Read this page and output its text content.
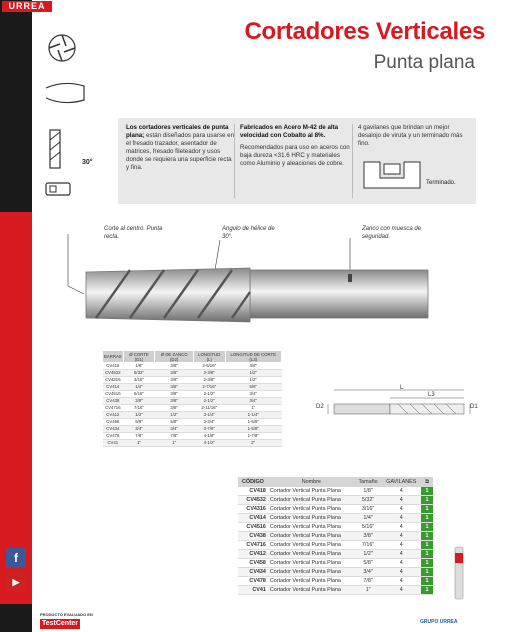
URREA
f
▶
PRODUCTO EVALUADO EN
TestCenter
Cortadores Verticales
Punta plana
30°
Los cortadores verticales de punta plana; están diseñados para usarse en el fresado trazador, asentador de matrices, fresado fileteador y usos donde se requiera una superficie recta y fina.
Fabricados en Acero M-42 de alta velocidad con Cobalto al 8%.
Recomendados para uso en aceros con baja dureza <31.6 HRC y materiales como Aluminio y aleaciones de cobre.
4 gavilanes que brindan un mejor desalojo de viruta y un terminado más fino.
Terminado.
Corte al centro. Punta recta.
Angulo de hélice de 30°.
Zanco con muesca de seguridad.
BARRAS	Ø CORTE (D1)	Ø DE ZANCO (D2)	LONGITUD (L)	LONGITUD DE CORTE (L3)
CV418	1/8"	3/8"	2-5/16"	3/8"
CV4532	5/32"	3/8"	2-3/8"	1/2"
CV4316	3/16"	3/8"	2-3/8"	1/2"
CV414	1/4"	3/8"	2-7/16"	5/8"
CV4516	5/16"	3/8"	2-1/2"	3/4"
CV438	3/8"	3/8"	2-1/2"	3/4"
CV4716	7/16"	3/8"	2-11/16"	1"
CV412	1/2"	1/2"	3-1/4"	1-1/4"
CV458	5/8"	5/8"	3-3/4"	1-5/8"
CV434	3/4"	3/4"	3-7/8"	1-5/8"
CV478	7/8"	7/8"	4-1/8"	1-7/8"
CV41	1"	1"	4-1/2"	2"
L
L3
D1
D2
CÓDIGO	Nombre	Tamaño	GAVILANES	⧉
CV418	Cortador Vertical Punta Plana	1/8"	4	1
CV4532	Cortador Vertical Punta Plana	5/32"	4	1
CV4316	Cortador Vertical Punta Plana	3/16"	4	1
CV414	Cortador Vertical Punta Plana	1/4"	4	1
CV4516	Cortador Vertical Punta Plana	5/16"	4	1
CV438	Cortador Vertical Punta Plana	3/8"	4	1
CV4716	Cortador Vertical Punta Plana	7/16"	4	1
CV412	Cortador Vertical Punta Plana	1/2"	4	1
CV458	Cortador Vertical Punta Plana	5/8"	4	1
CV434	Cortador Vertical Punta Plana	3/4"	4	1
CV478	Cortador Vertical Punta Plana	7/8"	4	1
CV41	Cortador Vertical Punta Plana	1"	4	1
GRUPO URREA
